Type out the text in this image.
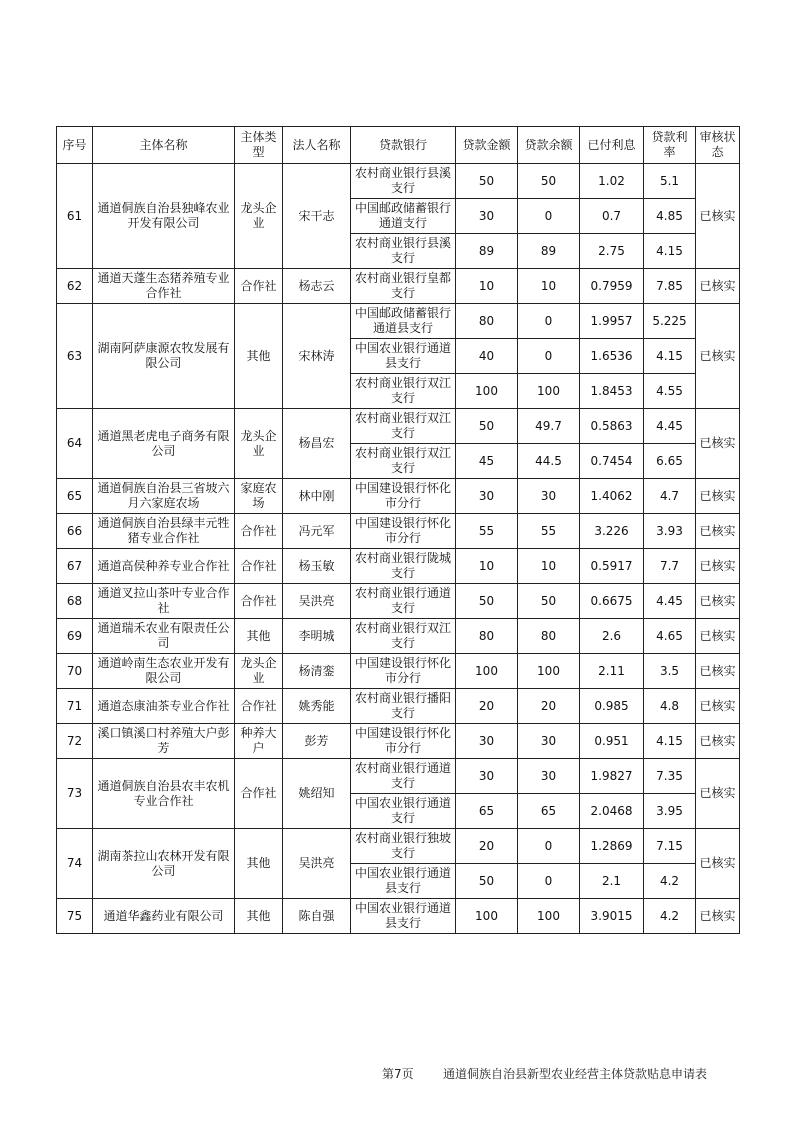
序号	主体名称	主体类型	法人名称	贷款银行	贷款金额	贷款余额	已付利息	贷款利率	审核状态
61	通道侗族自治县独峰农业开发有限公司	龙头企业	宋干志	农村商业银行县溪支行	50	50	1.02	5.1	已核实
				中国邮政储蓄银行通道支行	30	0	0.7	4.85	
				农村商业银行县溪支行	89	89	2.75	4.15	
62	通道天蓬生态猪养殖专业合作社	合作社	杨志云	农村商业银行皇都支行	10	10	0.7959	7.85	已核实
63	湖南阿萨康源农牧发展有限公司	其他	宋林涛	中国邮政储蓄银行通道县支行	80	0	1.9957	5.225	已核实
				中国农业银行通道县支行	40	0	1.6536	4.15	
				农村商业银行双江支行	100	100	1.8453	4.55	
64	通道黑老虎电子商务有限公司	龙头企业	杨昌宏	农村商业银行双江支行	50	49.7	0.5863	4.45	已核实
				农村商业银行双江支行	45	44.5	0.7454	6.65	
65	通道侗族自治县三省坡六月六家庭农场	家庭农场	林中刚	中国建设银行怀化市分行	30	30	1.4062	4.7	已核实
66	通道侗族自治县绿丰元牲猪专业合作社	合作社	冯元军	中国建设银行怀化市分行	55	55	3.226	3.93	已核实
67	通道高侯种养专业合作社	合作社	杨玉敏	农村商业银行陇城支行	10	10	0.5917	7.7	已核实
68	通道叉拉山茶叶专业合作社	合作社	吴洪亮	农村商业银行通道支行	50	50	0.6675	4.45	已核实
69	通道瑞禾农业有限责任公司	其他	李明城	农村商业银行双江支行	80	80	2.6	4.65	已核实
70	通道岭南生态农业开发有限公司	龙头企业	杨清銮	中国建设银行怀化市分行	100	100	2.11	3.5	已核实
71	通道态康油茶专业合作社	合作社	姚秀能	农村商业银行播阳支行	20	20	0.985	4.8	已核实
72	溪口镇溪口村养殖大户彭芳	种养大户	彭芳	中国建设银行怀化市分行	30	30	0.951	4.15	已核实
73	通道侗族自治县农丰农机专业合作社	合作社	姚绍知	农村商业银行通道支行	30	30	1.9827	7.35	已核实
				中国农业银行通道支行	65	65	2.0468	3.95	
74	湖南茶拉山农林开发有限公司	其他	吴洪亮	农村商业银行独坡支行	20	0	1.2869	7.15	已核实
				中国农业银行通道县支行	50	0	2.1	4.2	
75	通道华鑫药业有限公司	其他	陈自强	中国农业银行通道县支行	100	100	3.9015	4.2	已核实
第7页 通道侗族自治县新型农业经营主体贷款贴息申请表
